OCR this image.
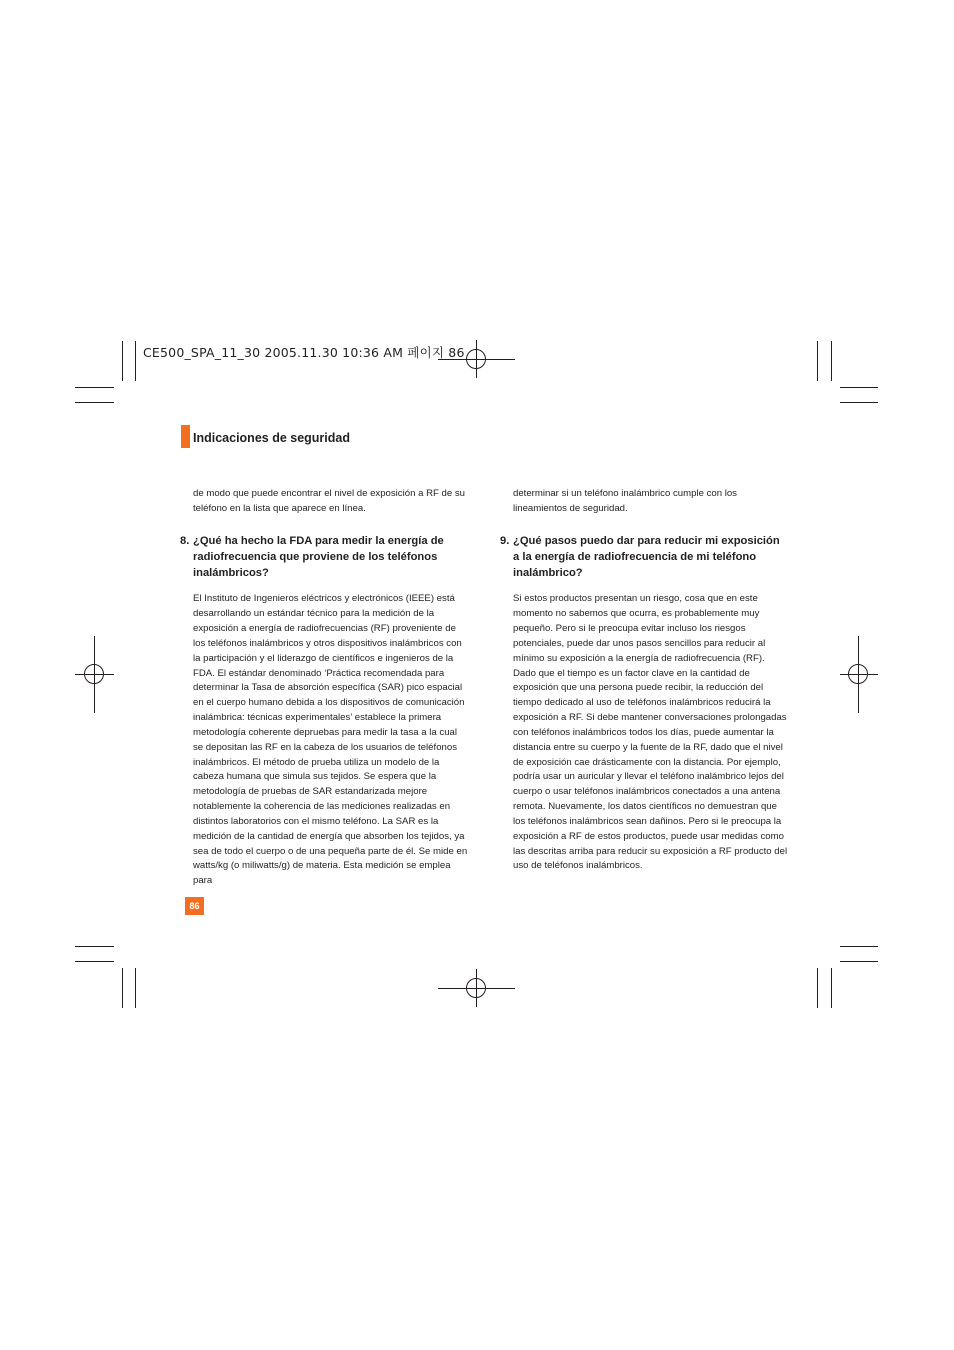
CE500_SPA_11_30 2005.11.30 10:36 AM 페이지 86
Indicaciones de seguridad

de modo que puede encontrar el nivel de exposición a RF de su teléfono en la lista que aparece en línea.

8. ¿Qué ha hecho la FDA para medir la energía de radiofrecuencia que proviene de los teléfonos inalámbricos?

El Instituto de Ingenieros eléctricos y electrónicos (IEEE) está desarrollando un estándar técnico para la medición de la exposición a energía de radiofrecuencias (RF) proveniente de los teléfonos inalámbricos y otros dispositivos inalámbricos con la participación y el liderazgo de científicos e ingenieros de la FDA. El estándar denominado ‘Práctica recomendada para determinar la Tasa de absorción específica (SAR) pico espacial en el cuerpo humano debida a los dispositivos de comunicación inalámbrica: técnicas experimentales’ establece la primera metodología coherente depruebas para medir la tasa a la cual se depositan las RF en la cabeza de los usuarios de teléfonos inalámbricos. El método de prueba utiliza un modelo de la cabeza humana que simula sus tejidos. Se espera que la metodología de pruebas de SAR estandarizada mejore notablemente la coherencia de las mediciones realizadas en distintos laboratorios con el mismo teléfono. La SAR es la medición de la cantidad de energía que absorben los tejidos, ya sea de todo el cuerpo o de una pequeña parte de él. Se mide en watts/kg (o miliwatts/g) de materia. Esta medición se emplea para

determinar si un teléfono inalámbrico cumple con los lineamientos de seguridad.

9. ¿Qué pasos puedo dar para reducir mi exposición a la energía de radiofrecuencia de mi teléfono inalámbrico?

Si estos productos presentan un riesgo, cosa que en este momento no sabemos que ocurra, es probablemente muy pequeño. Pero si le preocupa evitar incluso los riesgos potenciales, puede dar unos pasos sencillos para reducir al mínimo su exposición a la energía de radiofrecuencia (RF). Dado que el tiempo es un factor clave en la cantidad de exposición que una persona puede recibir, la reducción del tiempo dedicado al uso de teléfonos inalámbricos reducirá la exposición a RF. Si debe mantener conversaciones prolongadas con teléfonos inalámbricos todos los días, puede aumentar la distancia entre su cuerpo y la fuente de la RF, dado que el nivel de exposición cae drásticamente con la distancia. Por ejemplo, podría usar un auricular y llevar el teléfono inalámbrico lejos del cuerpo o usar teléfonos inalámbricos conectados a una antena remota. Nuevamente, los datos científicos no demuestran que los teléfonos inalámbricos sean dañinos. Pero si le preocupa la exposición a RF de estos productos, puede usar medidas como las descritas arriba para reducir su exposición a RF producto del uso de teléfonos inalámbricos.

86
